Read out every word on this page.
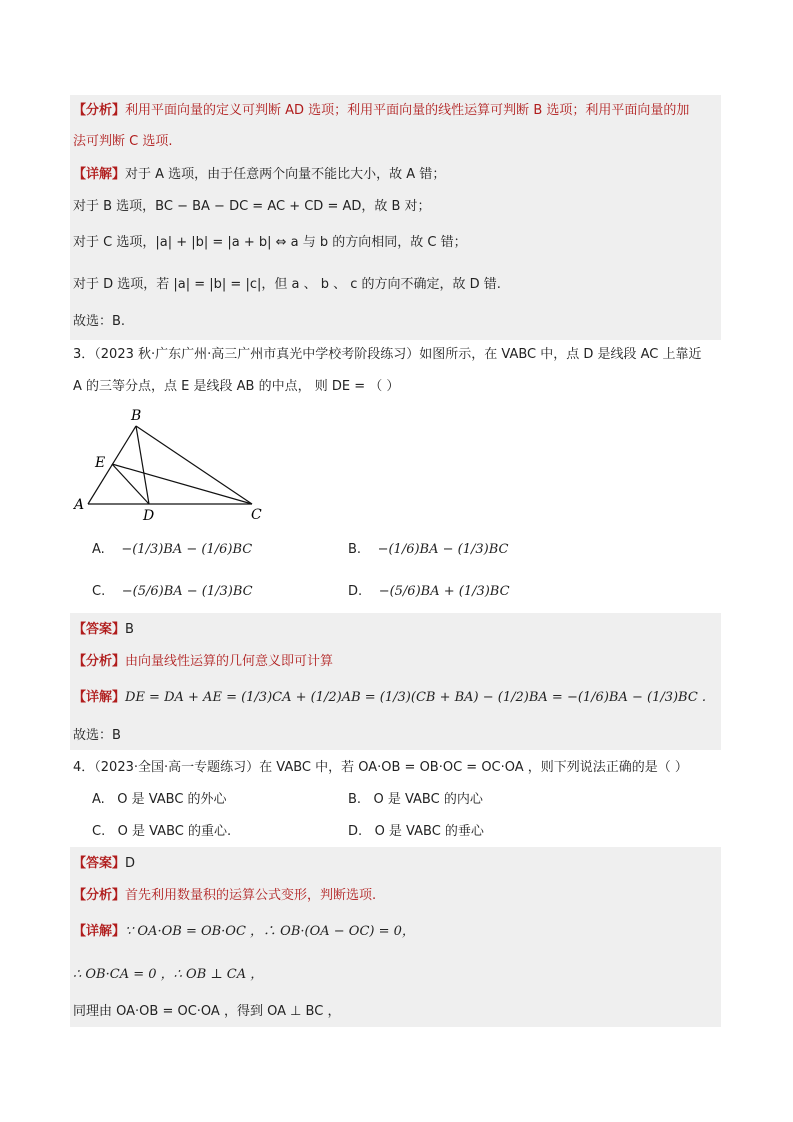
【分析】利用平面向量的定义可判断 AD 选项；利用平面向量的线性运算可判断 B 选项；利用平面向量的加
法可判断 C 选项.
【详解】对于 A 选项，由于任意两个向量不能比大小，故 A 错；
对于 B 选项，BC − BA − DC = AC + CD = AD，故 B 对；
对于 C 选项，|a| + |b| = |a + b| ⇔ a 与 b 的方向相同，故 C 错；
对于 D 选项，若 |a| = |b| = |c|，但 a 、 b 、 c 的方向不确定，故 D 错.
故选：B.
3．（2023 秋·广东广州·高三广州市真光中学校考阶段练习）如图所示，在 VABC 中，点 D 是线段 AC 上靠近
A 的三等分点，点 E 是线段 AB 的中点， 则 DE = （ ）
A
B
C
D
E
A. −(1/3)BA − (1/6)BC	B. −(1/6)BA − (1/3)BC
C. −(5/6)BA − (1/3)BC	D. −(5/6)BA + (1/3)BC
【答案】B
【分析】由向量线性运算的几何意义即可计算
【详解】DE = DA + AE = (1/3)CA + (1/2)AB = (1/3)(CB + BA) − (1/2)BA = −(1/6)BA − (1/3)BC .
故选：B
4．（2023·全国·高一专题练习）在 VABC 中，若 OA·OB = OB·OC = OC·OA ，则下列说法正确的是（ ）
A. O 是 VABC 的外心	B. O 是 VABC 的内心
C. O 是 VABC 的重心.	D. O 是 VABC 的垂心
【答案】D
【分析】首先利用数量积的运算公式变形，判断选项.
【详解】∵ OA·OB = OB·OC ，∴ OB·(OA − OC) = 0，
∴ OB·CA = 0 ，∴ OB ⊥ CA ，
同理由 OA·OB = OC·OA ，得到 OA ⊥ BC ，
